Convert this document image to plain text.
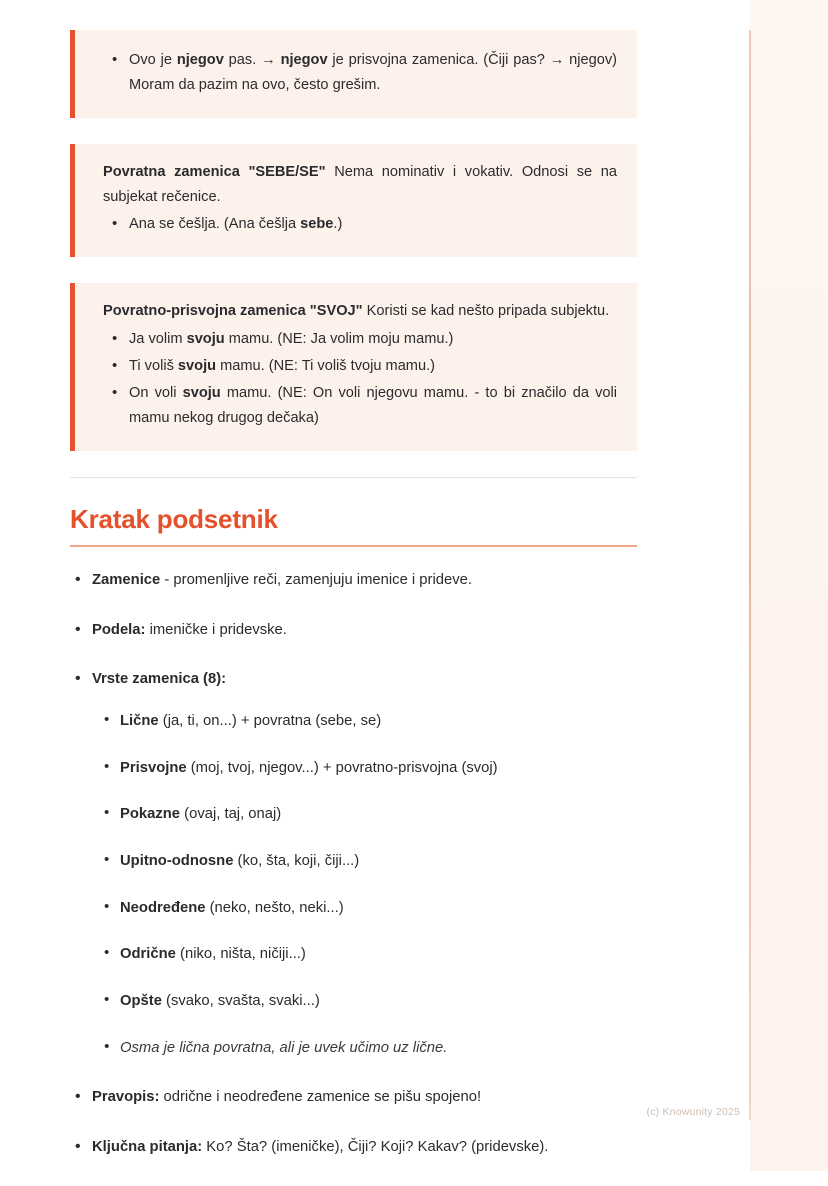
• Ovo je njegov pas. → njegov je prisvojna zamenica. (Čiji pas? → njegov) Moram da pazim na ovo, često grešim.

Povratna zamenica "SEBE/SE" Nema nominativ i vokativ. Odnosi se na subjekat rečenice.

• Ana se češlja. (Ana češlja sebe.)

Povratno-prisvojna zamenica "SVOJ" Koristi se kad nešto pripada subjektu.

• Ja volim svoju mamu. (NE: Ja volim moju mamu.)
• Ti voliš svoju mamu. (NE: Ti voliš tvoju mamu.)
• On voli svoju mamu. (NE: On voli njegovu mamu. - to bi značilo da voli mamu nekog drugog dečaka)
Kratak podsetnik
• Zamenice - promenljive reči, zamenjuju imenice i prideve.
• Podela: imeničke i pridevske.
• Vrste zamenica (8):
• Lične (ja, ti, on...) + povratna (sebe, se)
• Prisvojne (moj, tvoj, njegov...) + povratno-prisvojna (svoj)
• Pokazne (ovaj, taj, onaj)
• Upitno-odnosne (ko, šta, koji, čiji...)
• Neodređene (neko, nešto, neki...)
• Odrične (niko, ništa, ničiji...)
• Opšte (svako, svašta, svaki...)
• Osma je lična povratna, ali je uvek učimo uz lične.
• Pravopis: odrične i neodređene zamenice se pišu spojeno!
• Ključna pitanja: Ko? Šta? (imeničke), Čiji? Koji? Kakav? (pridevske).
(c) Knowunity 2025
